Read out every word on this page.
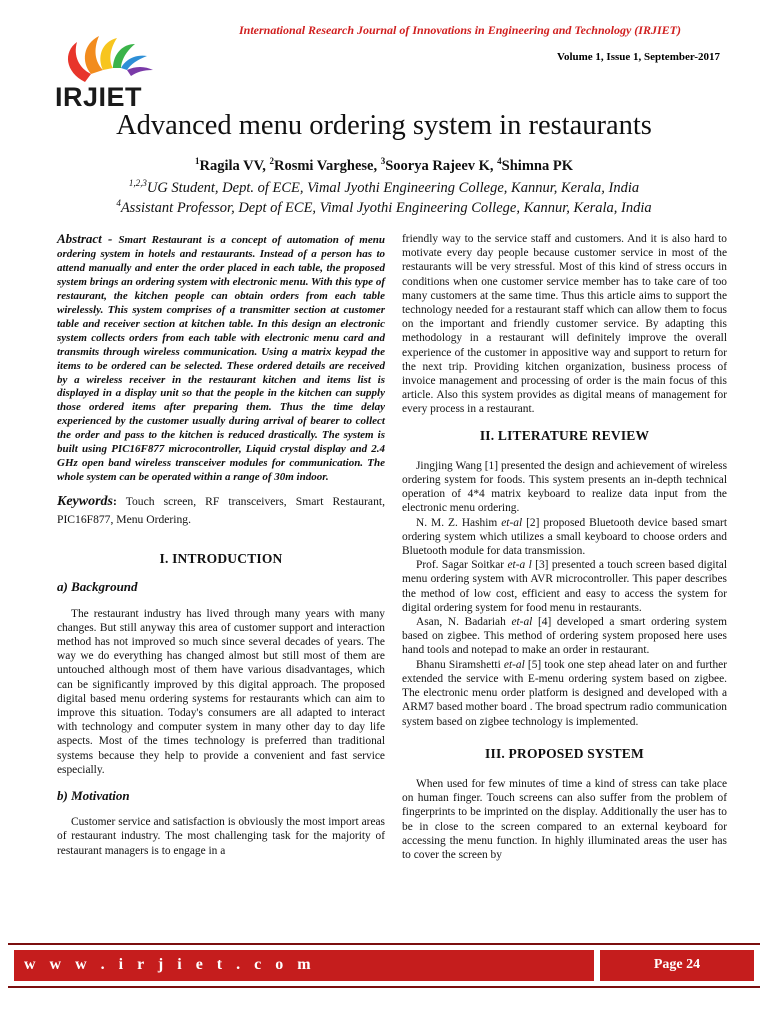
International Research Journal of Innovations in Engineering and Technology (IRJIET)
Volume 1, Issue 1, September-2017
IRJIET
Advanced menu ordering system in restaurants
$^1$Ragila VV, $^2$Rosmi Varghese, $^3$Soorya Rajeev K, $^4$Shimna PK
$^{1,2,3}$UG Student, Dept. of ECE, Vimal Jyothi Engineering College, Kannur, Kerala, India
$^4$Assistant Professor, Dept of ECE, Vimal Jyothi Engineering College, Kannur, Kerala, India
Abstract - Smart Restaurant is a concept of automation of menu ordering system in hotels and restaurants. Instead of a person has to attend manually and enter the order placed in each table, the proposed system brings an ordering system with electronic menu. With this type of restaurant, the kitchen people can obtain orders from each table wirelessly. This system comprises of a transmitter section at customer table and receiver section at kitchen table. In this design an electronic system collects orders from each table with electronic menu card and transmits through wireless communication. Using a matrix keypad the items to be ordered can be selected. These ordered details are received by a wireless receiver in the restaurant kitchen and items list is displayed in a display unit so that the people in the kitchen can supply those ordered items after preparing them. Thus the time delay experienced by the customer usually during arrival of bearer to collect the order and pass to the kitchen is reduced drastically. The system is built using PIC16F877 microcontroller, Liquid crystal display and 2.4 GHz open band wireless transceiver modules for communication. The whole system can be operated within a range of 30m indoor.
Keywords: Touch screen, RF transceivers, Smart Restaurant, PIC16F877, Menu Ordering.
I. INTRODUCTION
a) Background

The restaurant industry has lived through many years with many changes. But still anyway this area of customer support and interaction method has not improved so much since several decades of years. The way we do everything has changed almost but still most of them are untouched although most of them have various disadvantages, which can be significantly improved by this digital approach. The proposed digital based menu ordering systems for restaurants which can aim to improve this situation. Today's consumers are all adapted to interact with technology and computer system in many other day to day life aspects. Most of the times technology is preferred than traditional systems because they help to provide a convenient and fast service especially.

b) Motivation

Customer service and satisfaction is obviously the most import areas of restaurant industry. The most challenging task for the majority of restaurant managers is to engage in a

friendly way to the service staff and customers. And it is also hard to motivate every day people because customer service in most of the restaurants will be very stressful. Most of this kind of stress occurs in conditions when one customer service member has to take care of too many customers at the same time. Thus this article aims to support the technology needed for a restaurant staff which can allow them to focus on the important and friendly customer service. By adapting this methodology in a restaurant will definitely improve the overall experience of the customer in appositive way and support to return for the next trip. Providing kitchen organization, business process of invoice management and processing of order is the main focus of this article. Also this system provides as digital means of management for every process in a restaurant.

II. LITERATURE REVIEW

Jingjing Wang [1] presented the design and achievement of wireless ordering system for foods. This system presents an in-depth technical operation of 4*4 matrix keyboard to realize data input from the electronic menu ordering.

N. M. Z. Hashim et-al [2] proposed Bluetooth device based smart ordering system which utilizes a small keyboard to choose orders and Bluetooth module for data transmission.

Prof. Sagar Soitkar et-a l [3] presented a touch screen based digital menu ordering system with AVR microcontroller. This paper describes the method of low cost, efficient and easy to access the system for digital ordering system for food menu in restaurants.

Asan, N. Badariah et-al [4] developed a smart ordering system based on zigbee. This method of ordering system proposed here uses hand tools and notepad to make an order in restaurant.

Bhanu Siramshetti et-al [5] took one step ahead later on and further extended the service with E-menu ordering system based on zigbee. The electronic menu order platform is designed and developed with a ARM7 based mother board . The broad spectrum radio communication system based on zigbee technology is implemented.

III. PROPOSED SYSTEM

When used for few minutes of time a kind of stress can take place on human finger. Touch screens can also suffer from the problem of fingerprints to be imprinted on the display. Additionally the user has to be in close to the screen compared to an external keyboard for accessing the menu function. In highly illuminated areas the user has to cover the screen by

w w w . i r j i e t . c o m	Page 24
